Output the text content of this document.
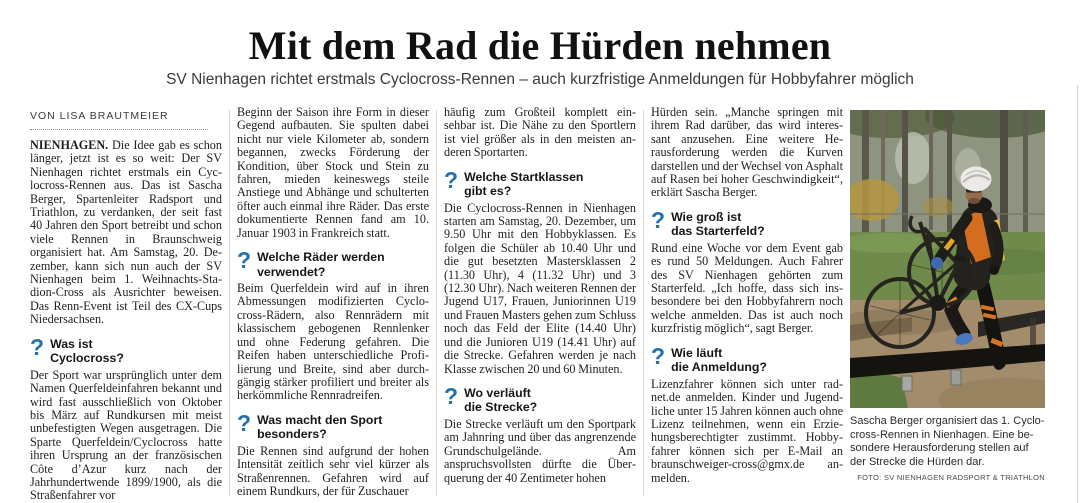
Mit dem Rad die Hürden nehmen
SV Nienhagen richtet erstmals Cyclocross-Rennen – auch kurzfristige Anmeldungen für Hobbyfahrer möglich
VON LISA BRAUTMEIER

NIENHAGEN. Die Idee gab es schon länger, jetzt ist es so weit: Der SV Nienhagen richtet erstmals ein Cyclocross-Rennen aus. Das ist Sascha Berger, Spartenleiter Radsport und Triathlon, zu verdanken, der seit fast 40 Jahren den Sport betreibt und schon viele Rennen in Braunschweig organisiert hat. Am Samstag, 20. Dezember, kann sich nun auch der SV Nienhagen beim 1. Weihnachts-Stadion-Cross als Ausrichter beweisen. Das Renn-Event ist Teil des CX-Cups Niedersachsen.

? Was ist
Cyclocross?

Der Sport war ursprünglich unter dem Namen Querfeldeinfahren bekannt und wird fast ausschließlich von Oktober bis März auf Rundkursen mit meist unbefestigten Wegen ausgetragen. Die Sparte Querfeldein/Cyclocross hatte ihren Ursprung an der französischen Côte d’Azur kurz nach der Jahrhundertwende 1899/1900, als die Straßenfahrer vor

Beginn der Saison ihre Form in dieser Gegend aufbauten. Sie spulten dabei nicht nur viele Kilometer ab, sondern begannen, zwecks Förderung der Kondition, über Stock und Stein zu fahren, mieden keineswegs steile Anstiege und Abhänge und schulterten öfter auch einmal ihre Räder. Das erste dokumentierte Rennen fand am 10. Januar 1903 in Frankreich statt.

? Welche Räder werden
verwendet?

Beim Querfeldein wird auf in ihren Abmessungen modifizierten Cyclocross-Rädern, also Rennrädern mit klassischem gebogenen Rennlenker und ohne Federung gefahren. Die Reifen haben unterschiedliche Profilierung und Breite, sind aber durchgängig stärker profiliert und breiter als herkömmliche Rennradreifen.

? Was macht den Sport
besonders?

Die Rennen sind aufgrund der hohen Intensität zeitlich sehr viel kürzer als Straßenrennen. Gefahren wird auf einem Rundkurs, der für Zuschauer

häufig zum Großteil komplett einsehbar ist. Die Nähe zu den Sportlern ist viel größer als in den meisten anderen Sportarten.

? Welche Startklassen
gibt es?

Die Cyclocross-Rennen in Nienhagen starten am Samstag, 20. Dezember, um 9.50 Uhr mit den Hobbyklassen. Es folgen die Schüler ab 10.40 Uhr und die gut besetzten Mastersklassen 2 (11.30 Uhr), 4 (11.32 Uhr) und 3 (12.30 Uhr). Nach weiteren Rennen der Jugend U17, Frauen, Juniorinnen U19 und Frauen Masters gehen zum Schluss noch das Feld der Elite (14.40 Uhr) und die Junioren U19 (14.41 Uhr) auf die Strecke. Gefahren werden je nach Klasse zwischen 20 und 60 Minuten.

? Wo verläuft
die Strecke?

Die Strecke verläuft um den Sportpark am Jahnring und über das angrenzende Grundschulgelände. Am anspruchsvollsten dürfte die Überquerung der 40 Zentimeter hohen

Hürden sein. „Manche springen mit ihrem Rad darüber, das wird interessant anzusehen. Eine weitere Herausforderung werden die Kurven darstellen und der Wechsel von Asphalt auf Rasen bei hoher Geschwindigkeit“, erklärt Sascha Berger.

? Wie groß ist
das Starterfeld?

Rund eine Woche vor dem Event gab es rund 50 Meldungen. Auch Fahrer des SV Nienhagen gehörten zum Starterfeld. „Ich hoffe, dass sich insbesondere bei den Hobbyfahrern noch welche anmelden. Das ist auch noch kurzfristig möglich“, sagt Berger.

? Wie läuft
die Anmeldung?

Lizenzfahrer können sich unter rad-net.de anmelden. Kinder und Jugendliche unter 15 Jahren können auch ohne Lizenz teilnehmen, wenn ein Erziehungsberechtigter zustimmt. Hobbyfahrer können sich per E-Mail an braunschweiger-cross@gmx.de anmelden.

Sascha Berger organisiert das 1. Cyclocross-Rennen in Nienhagen. Eine besondere Herausforderung stellen auf der Strecke die Hürden dar.
FOTO: SV NIENHAGEN RADSPORT & TRIATHLON
